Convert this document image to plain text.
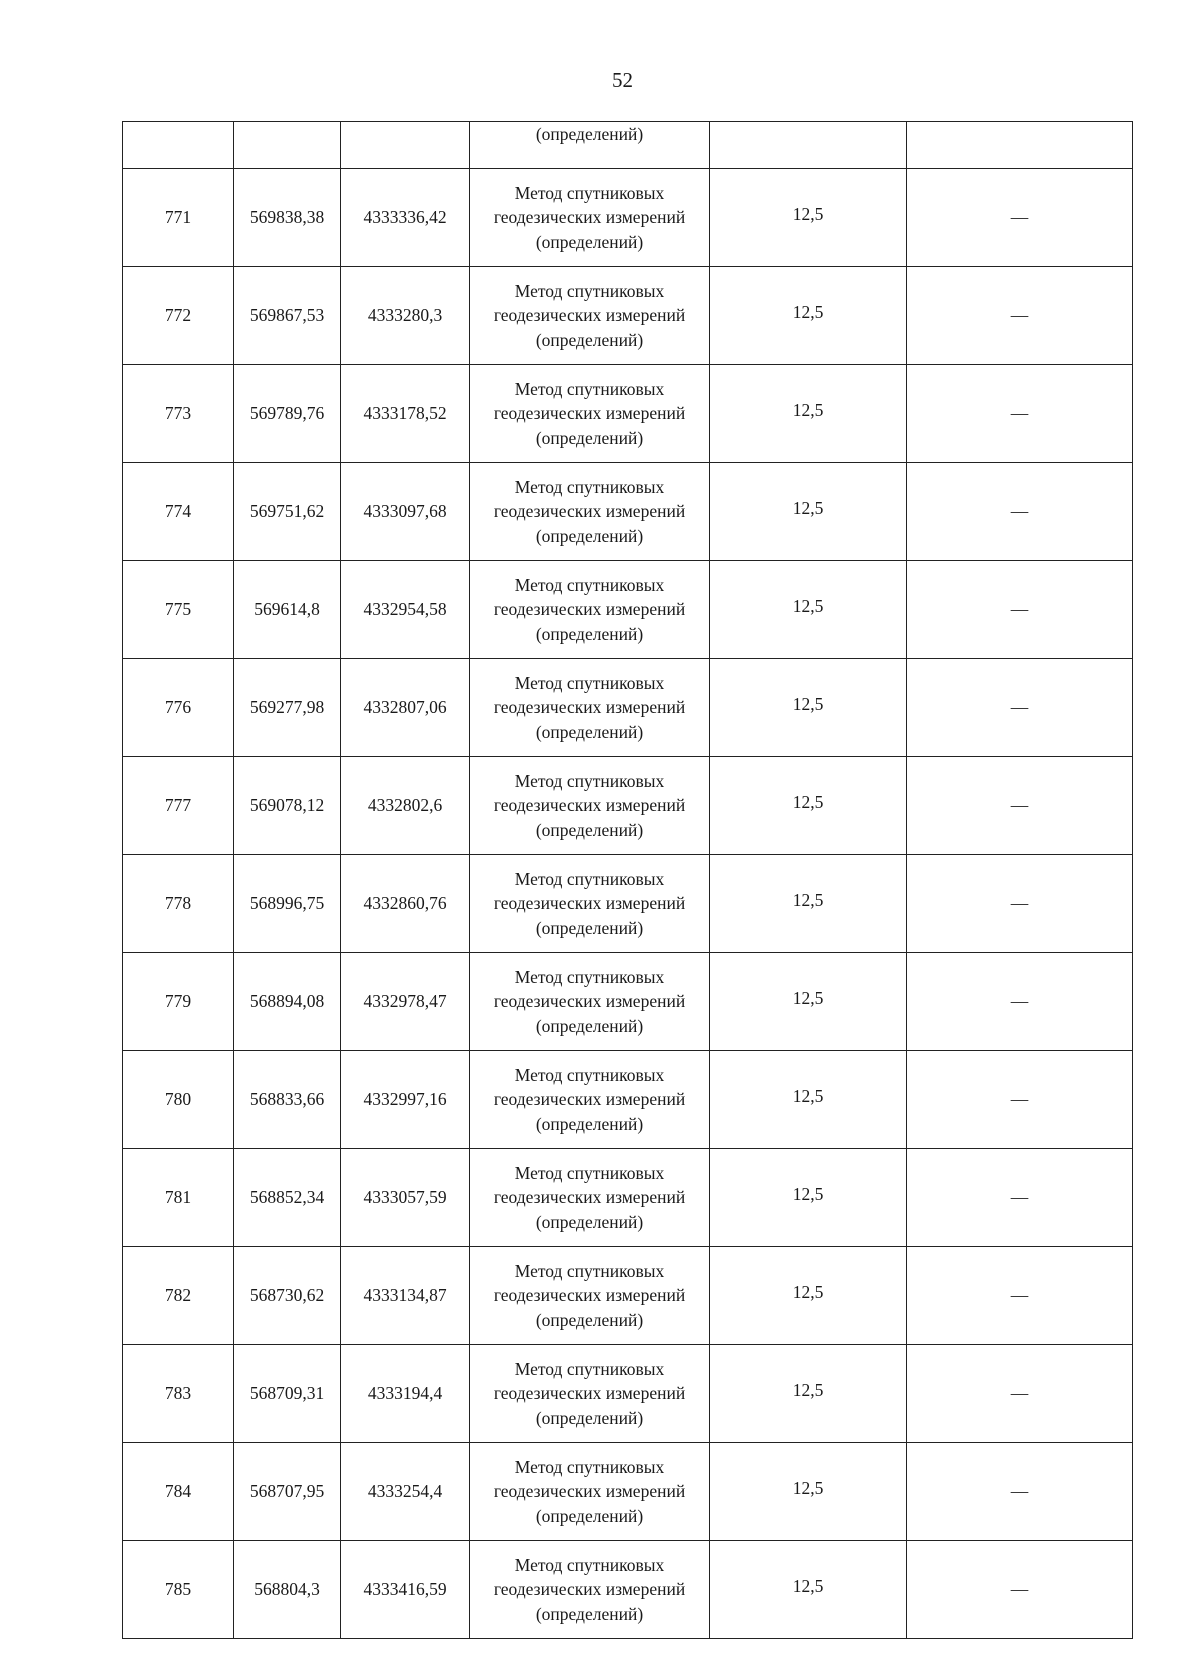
52
			(определений)		
771	569838,38	4333336,42	Метод спутниковых
геодезических измерений
(определений)	12,5	—
772	569867,53	4333280,3	Метод спутниковых
геодезических измерений
(определений)	12,5	—
773	569789,76	4333178,52	Метод спутниковых
геодезических измерений
(определений)	12,5	—
774	569751,62	4333097,68	Метод спутниковых
геодезических измерений
(определений)	12,5	—
775	569614,8	4332954,58	Метод спутниковых
геодезических измерений
(определений)	12,5	—
776	569277,98	4332807,06	Метод спутниковых
геодезических измерений
(определений)	12,5	—
777	569078,12	4332802,6	Метод спутниковых
геодезических измерений
(определений)	12,5	—
778	568996,75	4332860,76	Метод спутниковых
геодезических измерений
(определений)	12,5	—
779	568894,08	4332978,47	Метод спутниковых
геодезических измерений
(определений)	12,5	—
780	568833,66	4332997,16	Метод спутниковых
геодезических измерений
(определений)	12,5	—
781	568852,34	4333057,59	Метод спутниковых
геодезических измерений
(определений)	12,5	—
782	568730,62	4333134,87	Метод спутниковых
геодезических измерений
(определений)	12,5	—
783	568709,31	4333194,4	Метод спутниковых
геодезических измерений
(определений)	12,5	—
784	568707,95	4333254,4	Метод спутниковых
геодезических измерений
(определений)	12,5	—
785	568804,3	4333416,59	Метод спутниковых
геодезических измерений
(определений)	12,5	—
